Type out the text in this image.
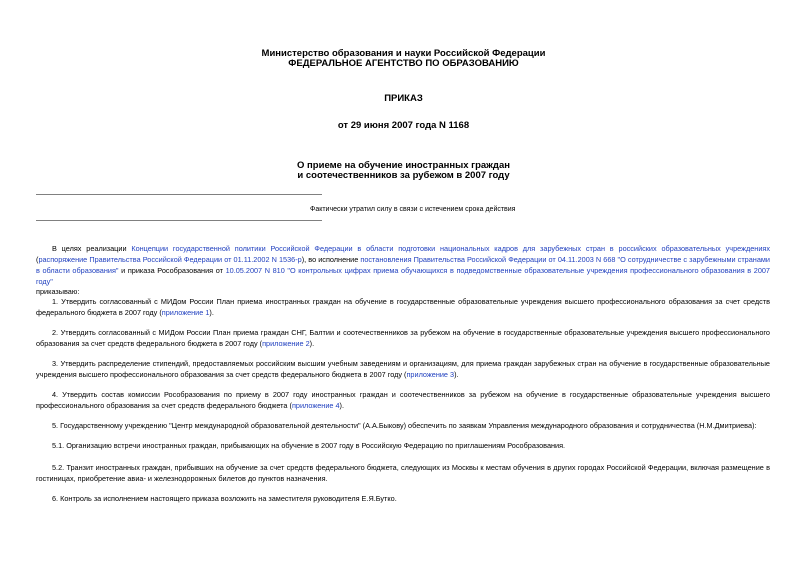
Министерство образования и науки Российской Федерации
ФЕДЕРАЛЬНОЕ АГЕНТСТВО ПО ОБРАЗОВАНИЮ
ПРИКАЗ
от 29 июня 2007 года N 1168
О приеме на обучение иностранных граждан
и соотечественников за рубежом в 2007 году
Фактически утратил силу в связи с истечением срока действия
В целях реализации Концепции государственной политики Российской Федерации в области подготовки национальных кадров для зарубежных стран в российских образовательных учреждениях (распоряжение Правительства Российской Федерации от 01.11.2002 N 1536-р), во исполнение постановления Правительства Российской Федерации от 04.11.2003 N 668 "О сотрудничестве с зарубежными странами в области образования" и приказа Рособразования от 10.05.2007 N 810 "О контрольных цифрах приема обучающихся в подведомственные образовательные учреждения профессионального образования в 2007 году"
приказываю:
1. Утвердить согласованный с МИДом России План приема иностранных граждан на обучение в государственные образовательные учреждения высшего профессионального образования за счет средств федерального бюджета в 2007 году (приложение 1).
2. Утвердить согласованный с МИДом России План приема граждан СНГ, Балтии и соотечественников за рубежом на обучение в государственные образовательные учреждения высшего профессионального образования за счет средств федерального бюджета в 2007 году (приложение 2).
3. Утвердить распределение стипендий, предоставляемых российским высшим учебным заведениям и организациям, для приема граждан зарубежных стран на обучение в государственные образовательные учреждения высшего профессионального образования за счет средств федерального бюджета в 2007 году (приложение 3).
4. Утвердить состав комиссии Рособразования по приему в 2007 году иностранных граждан и соотечественников за рубежом на обучение в государственные образовательные учреждения высшего профессионального образования за счет средств федерального бюджета (приложение 4).
5. Государственному учреждению "Центр международной образовательной деятельности" (А.А.Быкову) обеспечить по заявкам Управления международного образования и сотрудничества (Н.М.Дмитриева):
5.1. Организацию встречи иностранных граждан, прибывающих на обучение в 2007 году в Российскую Федерацию по приглашениям Рособразования.
5.2. Транзит иностранных граждан, прибывших на обучение за счет средств федерального бюджета, следующих из Москвы к местам обучения в других городах Российской Федерации, включая размещение в гостиницах, приобретение авиа- и железнодорожных билетов до пунктов назначения.
6. Контроль за исполнением настоящего приказа возложить на заместителя руководителя Е.Я.Бутко.
